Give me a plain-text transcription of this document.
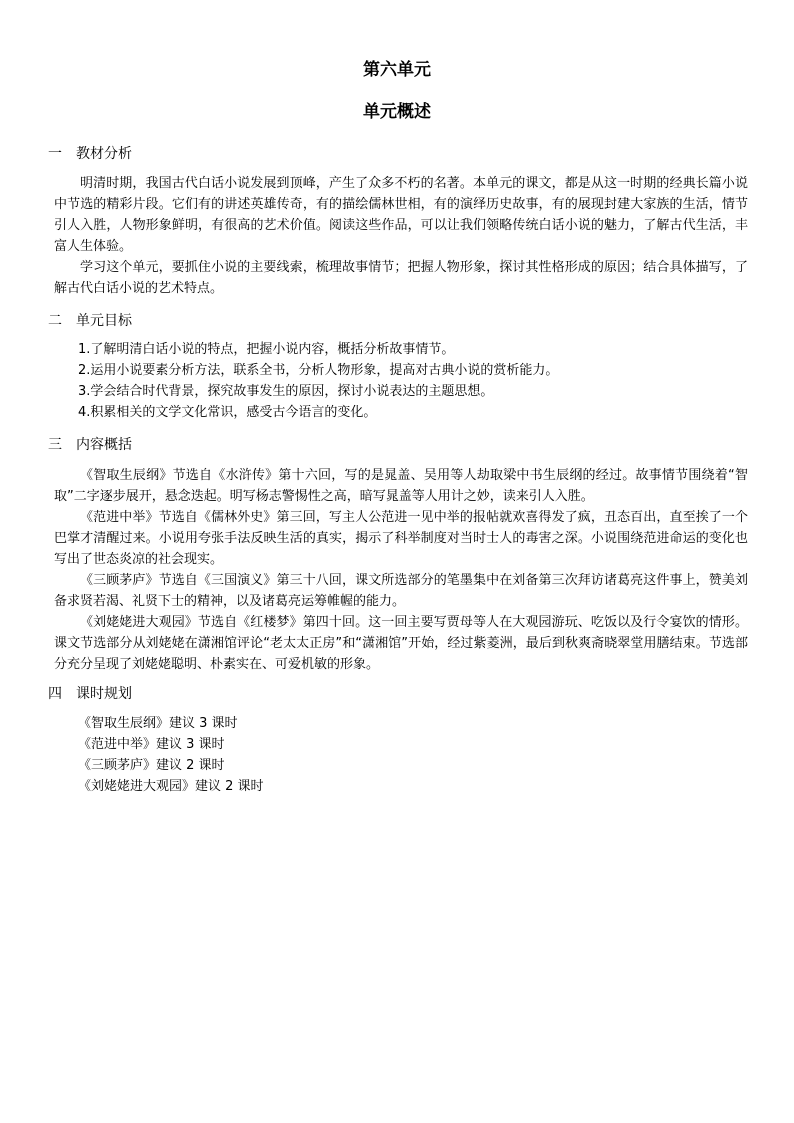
第六单元
单元概述
一 教材分析

明清时期，我国古代白话小说发展到顶峰，产生了众多不朽的名著。本单元的课文，都是从这一时期的经典长篇小说中节选的精彩片段。它们有的讲述英雄传奇，有的描绘儒林世相，有的演绎历史故事，有的展现封建大家族的生活，情节引人入胜，人物形象鲜明，有很高的艺术价值。阅读这些作品，可以让我们领略传统白话小说的魅力，了解古代生活，丰富人生体验。

学习这个单元，要抓住小说的主要线索，梳理故事情节；把握人物形象，探讨其性格形成的原因；结合具体描写，了解古代白话小说的艺术特点。

二 单元目标
1.了解明清白话小说的特点，把握小说内容，概括分析故事情节。
2.运用小说要素分析方法，联系全书，分析人物形象，提高对古典小说的赏析能力。
3.学会结合时代背景，探究故事发生的原因，探讨小说表达的主题思想。
4.积累相关的文学文化常识，感受古今语言的变化。
三 内容概括

《智取生辰纲》节选自《水浒传》第十六回，写的是晁盖、吴用等人劫取梁中书生辰纲的经过。故事情节围绕着“智取”二字逐步展开，悬念迭起。明写杨志警惕性之高，暗写晁盖等人用计之妙，读来引人入胜。

《范进中举》节选自《儒林外史》第三回，写主人公范进一见中举的报帖就欢喜得发了疯，丑态百出，直至挨了一个巴掌才清醒过来。小说用夸张手法反映生活的真实，揭示了科举制度对当时士人的毒害之深。小说围绕范进命运的变化也写出了世态炎凉的社会现实。

《三顾茅庐》节选自《三国演义》第三十八回，课文所选部分的笔墨集中在刘备第三次拜访诸葛亮这件事上，赞美刘备求贤若渴、礼贤下士的精神，以及诸葛亮运筹帷幄的能力。

《刘姥姥进大观园》节选自《红楼梦》第四十回。这一回主要写贾母等人在大观园游玩、吃饭以及行令宴饮的情形。课文节选部分从刘姥姥在潇湘馆评论“老太太正房”和“潇湘馆”开始，经过紫菱洲，最后到秋爽斋晓翠堂用膳结束。节选部分充分呈现了刘姥姥聪明、朴素实在、可爱机敏的形象。

四 课时规划
《智取生辰纲》建议 3 课时
《范进中举》建议 3 课时
《三顾茅庐》建议 2 课时
《刘姥姥进大观园》建议 2 课时
